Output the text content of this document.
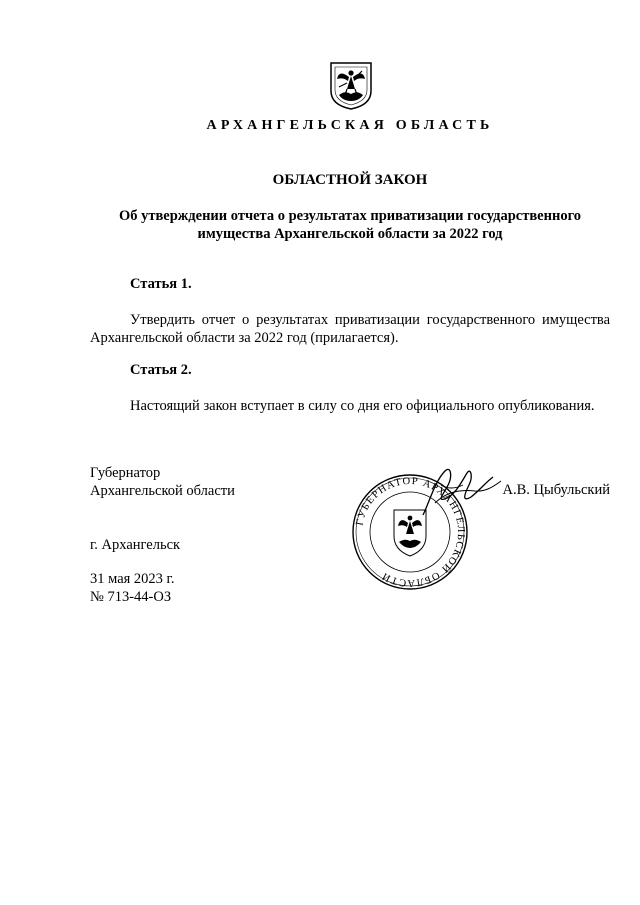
АРХАНГЕЛЬСКАЯ ОБЛАСТЬ
ОБЛАСТНОЙ ЗАКОН
Об утверждении отчета о результатах приватизации государственного
имущества Архангельской области за 2022 год
Статья 1.
Утвердить отчет о результатах приватизации государственного имущества Архангельской области за 2022 год (прилагается).
Статья 2.
Настоящий закон вступает в силу со дня его официального опубликования.
Губернатор
Архангельской области
ГУБЕРНАТОР АРХАНГЕЛЬСКОЙ ОБЛАСТИ
А.В. Цыбульский
г. Архангельск
31 мая 2023 г.
№ 713-44-ОЗ
